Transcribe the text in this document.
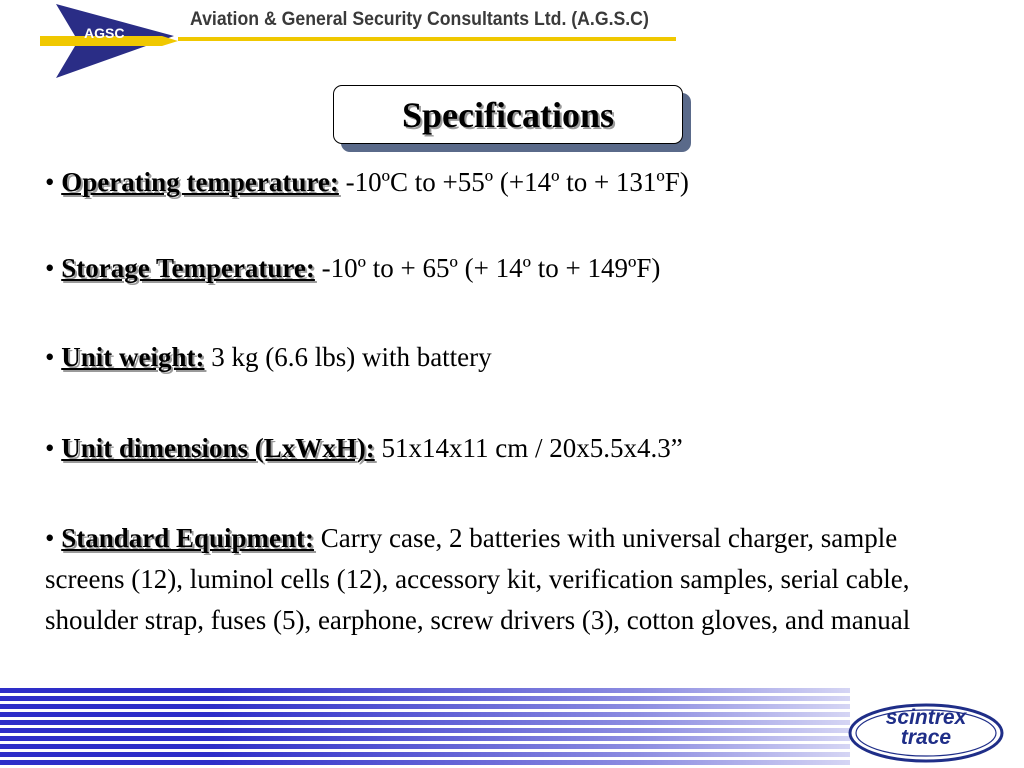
AGSC
Aviation & General Security Consultants Ltd. (A.G.S.C)
Specifications
• Operating temperature: -10ºC to +55º (+14º to + 131ºF)
• Storage Temperature: -10º to + 65º (+ 14º to + 149ºF)
• Unit weight: 3 kg (6.6 lbs) with battery
• Unit dimensions (LxWxH): 51x14x11 cm / 20x5.5x4.3”
• Standard Equipment: Carry case, 2 batteries with universal charger, sample screens (12), luminol cells (12), accessory kit, verification samples, serial cable, shoulder strap, fuses (5), earphone, screw drivers (3), cotton gloves, and manual
scintrex
trace
